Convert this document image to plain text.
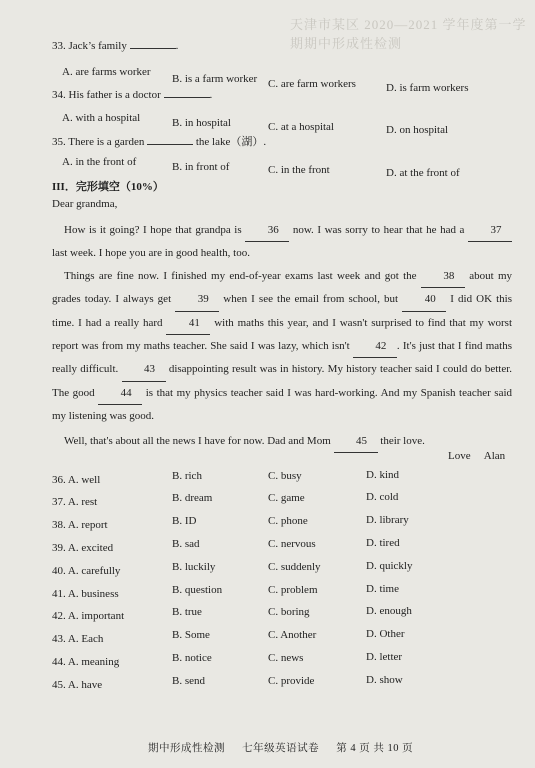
天津市某区 2020—2021 学年度第一学期期中形成性检测
33. Jack’s family	.
A. are farms worker
B. is a farm worker C. are farm workers	D. is farm workers
34. His father is a doctor	.
A. with a hospital	B. in hospital	C. at a hospital	D. on hospital
35. There is a garden	the lake（湖）.
A. in the front of	B. in front of	C. in the front	D. at the front of
III．完形填空（10%）
Dear grandma,

How is it going? I hope that grandpa is 36 now. I was sorry to hear that he had a 37 last week. I hope you are in good health, too.

Things are fine now. I finished my end-of-year exams last week and got the 38 about my grades today. I always get 39 when I see the email from school, but 40 I did OK this time. I had a really hard 41 with maths this year, and I wasn't surprised to find that my worst report was from my maths teacher. She said I was lazy, which isn't 42 . It's just that I find maths really difficult. 43 disappointing result was in history. My history teacher said I could do better. The good 44 is that my physics teacher said I was hard-working. And my Spanish teacher said my listening was good.

Well, that's about all the news I have for now. Dad and Mom 45 their love.

Love　 Alan
36. A. well	B. rich	C. busy	D. kind
37. A. rest	B. dream	C. game	D. cold
38. A. report	B. ID	C. phone	D. library
39. A. excited	B. sad	C. nervous	D. tired
40. A. carefully	B. luckily	C. suddenly	D. quickly
41. A. business	B. question	C. problem	D. time
42. A. important	B. true	C. boring	D. enough
43. A. Each	B. Some	C. Another	D. Other
44. A. meaning	B. notice	C. news	D. letter
45. A. have	B. send	C. provide	D. show
期中形成性检测 七年级英语试卷 第 4 页 共 10 页
